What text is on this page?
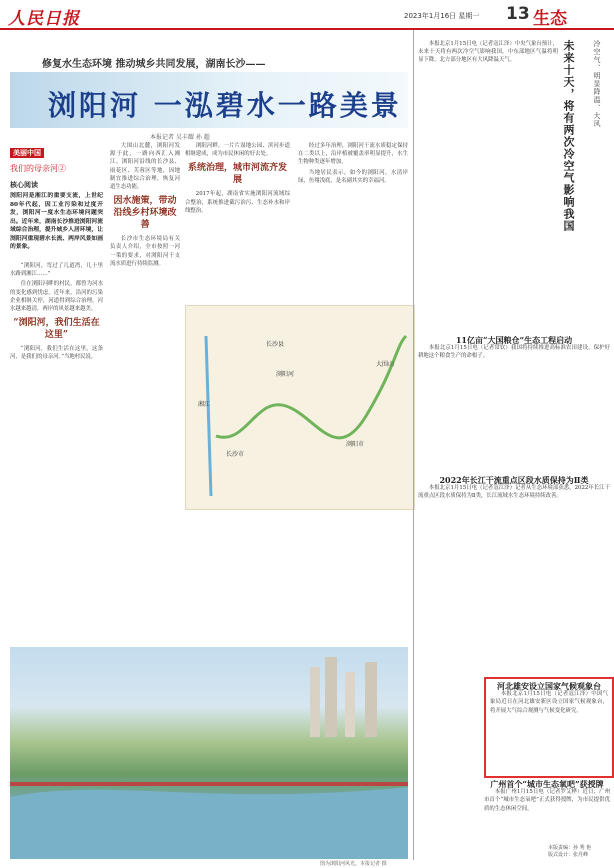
人民日报	2023年1月16日 星期一 13 生态
修复水生态环境 推动城乡共同发展，湖南长沙——
浏阳河 一泓碧水一路美景
本报记者 吴丰耀 孙 超
美丽中国
我们的母亲河②
核心阅读
浏阳河是湘江的重要支流，上世纪80年代起，因工业污染和过度开发，浏阳河一度水生态环境问题突出。近年来，湖南长沙推进浏阳河流域综合治理，提升城乡人居环境，让浏阳河重现碧水长流、两岸风景如画的景象。

“浏阳河，弯过了几道湾，几十里水路到湘江……”

住在浏阳河畔的村民，都曾为河水的变化感到忧虑。近年来，沿河的污染企业相继关停，河道得到综合治理，河水越来越清，两岸的风景越来越美。

“浏阳河，我们生活在这里”

“浏阳河，我们生活在这里，这条河，是我们的母亲河。”当地村民说。

大围山北麓，浏阳河发源于此，一路向西汇入湘江。浏阳河沿线的长沙县、雨花区、芙蓉区等地，因地制宜推进综合治理，恢复河道生态功能。

因水施策，带动沿线乡村环境改善

长沙市生态环境局有关负责人介绍，全市按照一河一策的要求，对浏阳河干支流水质进行持续监测。

浏阳河畔，一片片湿地公园、滨河步道相继建成，成为市民休闲的好去处。

系统治理，城市河流齐发展

2017年起，湖南省实施浏阳河流域综合整治，系统推进截污治污、生态补水和岸线整治。

经过多年治理，浏阳河干流水质稳定保持在二类以上，沿岸植被覆盖率明显提升，水生生物种类逐年增加。

当地居民表示，如今的浏阳河，水清岸绿，鱼翔浅底，是名副其实的幸福河。

浏阳河
湘江
大围山
长沙市
浏阳市
长沙县
图为浏阳河风光。本报记者 摄
未来十天，将有两次冷空气影响我国	冷空气、明显降温、大风

本报北京1月15日电（记者寇江泽）中央气象台预计，未来十天将有两次冷空气影响我国，中东部地区气温将明显下降，北方部分地区有大风降温天气。

11亿亩“大国粮仓”生态工程启动

本报北京1月15日电（记者常钦）我国将持续推进高标准农田建设，保护好耕地这个粮食生产的命根子。

2022年长江干流重点区段水质保持为Ⅱ类

本报北京1月15日电（记者寇江泽）记者从生态环境部获悉，2022年长江干流重点区段水质保持为Ⅱ类，长江流域水生态环境持续改善。

河北雄安设立国家气候观象台

本报北京1月15日电（记者寇江泽）中国气象局近日在河北雄安新区设立国家气候观象台，将开展大气综合观测与气候变化研究。

广州首个“城市生态氧吧”获授牌

本报广州1月15日电（记者罗艾桦）近日，广州市首个“城市生态氧吧”正式获得授牌，为市民提供优质的生态休闲空间。

本版责编：孙 秀 艳
版式设计：张丹峰
